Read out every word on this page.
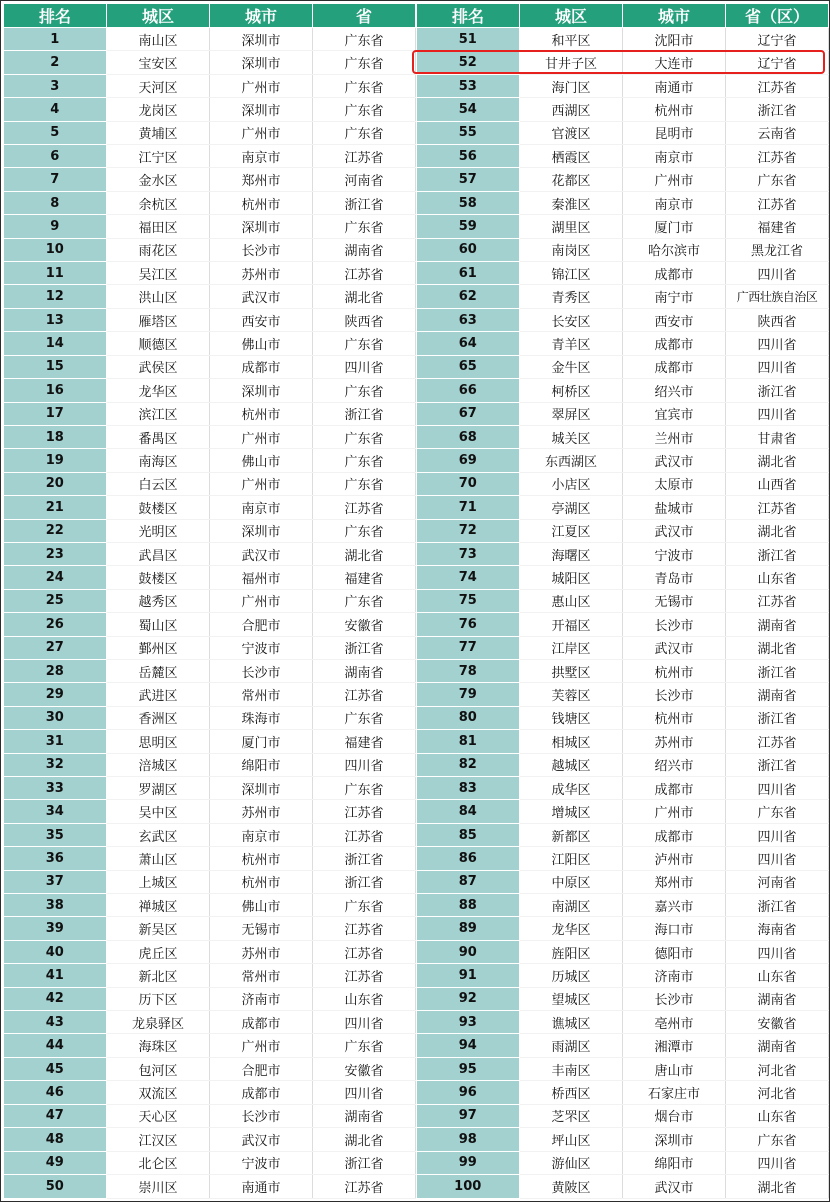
排名	城区	城市	省
1	南山区	深圳市	广东省
2	宝安区	深圳市	广东省
3	天河区	广州市	广东省
4	龙岗区	深圳市	广东省
5	黄埔区	广州市	广东省
6	江宁区	南京市	江苏省
7	金水区	郑州市	河南省
8	余杭区	杭州市	浙江省
9	福田区	深圳市	广东省
10	雨花区	长沙市	湖南省
11	吴江区	苏州市	江苏省
12	洪山区	武汉市	湖北省
13	雁塔区	西安市	陕西省
14	顺德区	佛山市	广东省
15	武侯区	成都市	四川省
16	龙华区	深圳市	广东省
17	滨江区	杭州市	浙江省
18	番禺区	广州市	广东省
19	南海区	佛山市	广东省
20	白云区	广州市	广东省
21	鼓楼区	南京市	江苏省
22	光明区	深圳市	广东省
23	武昌区	武汉市	湖北省
24	鼓楼区	福州市	福建省
25	越秀区	广州市	广东省
26	蜀山区	合肥市	安徽省
27	鄞州区	宁波市	浙江省
28	岳麓区	长沙市	湖南省
29	武进区	常州市	江苏省
30	香洲区	珠海市	广东省
31	思明区	厦门市	福建省
32	涪城区	绵阳市	四川省
33	罗湖区	深圳市	广东省
34	吴中区	苏州市	江苏省
35	玄武区	南京市	江苏省
36	萧山区	杭州市	浙江省
37	上城区	杭州市	浙江省
38	禅城区	佛山市	广东省
39	新吴区	无锡市	江苏省
40	虎丘区	苏州市	江苏省
41	新北区	常州市	江苏省
42	历下区	济南市	山东省
43	龙泉驿区	成都市	四川省
44	海珠区	广州市	广东省
45	包河区	合肥市	安徽省
46	双流区	成都市	四川省
47	天心区	长沙市	湖南省
48	江汉区	武汉市	湖北省
49	北仑区	宁波市	浙江省
50	崇川区	南通市	江苏省
排名	城区	城市	省（区）
51	和平区	沈阳市	辽宁省
52	甘井子区	大连市	辽宁省
53	海门区	南通市	江苏省
54	西湖区	杭州市	浙江省
55	官渡区	昆明市	云南省
56	栖霞区	南京市	江苏省
57	花都区	广州市	广东省
58	秦淮区	南京市	江苏省
59	湖里区	厦门市	福建省
60	南岗区	哈尔滨市	黑龙江省
61	锦江区	成都市	四川省
62	青秀区	南宁市	广西壮族自治区
63	长安区	西安市	陕西省
64	青羊区	成都市	四川省
65	金牛区	成都市	四川省
66	柯桥区	绍兴市	浙江省
67	翠屏区	宜宾市	四川省
68	城关区	兰州市	甘肃省
69	东西湖区	武汉市	湖北省
70	小店区	太原市	山西省
71	亭湖区	盐城市	江苏省
72	江夏区	武汉市	湖北省
73	海曙区	宁波市	浙江省
74	城阳区	青岛市	山东省
75	惠山区	无锡市	江苏省
76	开福区	长沙市	湖南省
77	江岸区	武汉市	湖北省
78	拱墅区	杭州市	浙江省
79	芙蓉区	长沙市	湖南省
80	钱塘区	杭州市	浙江省
81	相城区	苏州市	江苏省
82	越城区	绍兴市	浙江省
83	成华区	成都市	四川省
84	增城区	广州市	广东省
85	新都区	成都市	四川省
86	江阳区	泸州市	四川省
87	中原区	郑州市	河南省
88	南湖区	嘉兴市	浙江省
89	龙华区	海口市	海南省
90	旌阳区	德阳市	四川省
91	历城区	济南市	山东省
92	望城区	长沙市	湖南省
93	谯城区	亳州市	安徽省
94	雨湖区	湘潭市	湖南省
95	丰南区	唐山市	河北省
96	桥西区	石家庄市	河北省
97	芝罘区	烟台市	山东省
98	坪山区	深圳市	广东省
99	游仙区	绵阳市	四川省
100	黄陂区	武汉市	湖北省
